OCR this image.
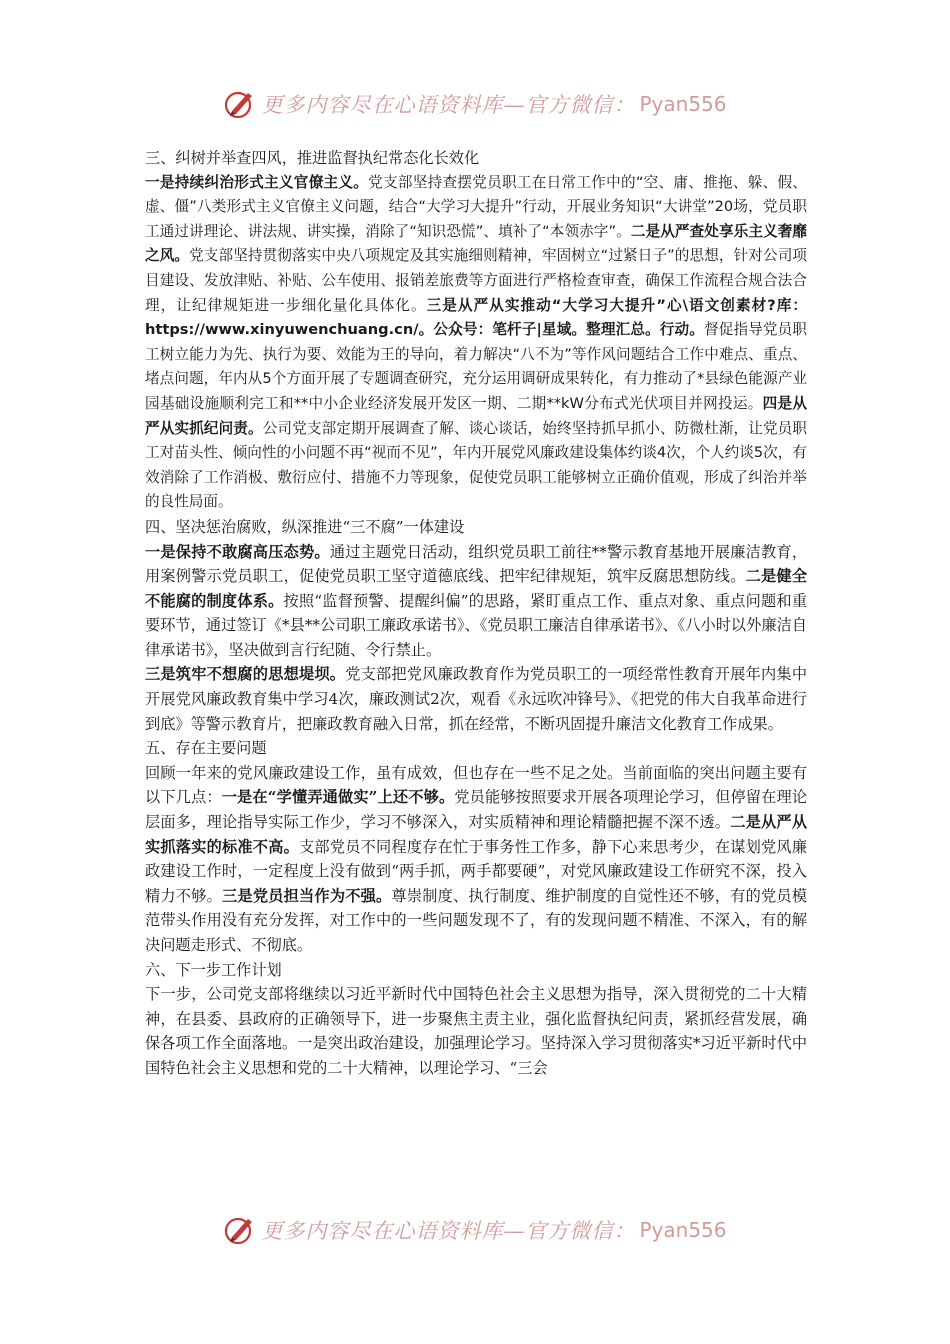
更多内容尽在心语资料库—官方微信： Pyan556

三、纠树并举查四风，推进监督执纪常态化长效化

一是持续纠治形式主义官僚主义。党支部坚持查摆党员职工在日常工作中的“空、庸、推拖、躲、假、虚、僵”八类形式主义官僚主义问题，结合“大学习大提升”行动，开展业务知识“大讲堂”20场，党员职工通过讲理论、讲法规、讲实操，消除了“知识恐慌”、填补了“本领赤字”。二是从严查处享乐主义奢靡之风。党支部坚持贯彻落实中央八项规定及其实施细则精神，牢固树立“过紧日子”的思想，针对公司项目建设、发放津贴、补贴、公车使用、报销差旅费等方面进行严格检查审查，确保工作流程合规合法合理，让纪律规矩进一步细化量化具体化。三是从严从实推动“大学习大提升”心\语文创素材?库：https://www.xinyuwenchuang.cn/。公众号：笔杆子|星域。整理汇总。行动。督促指导党员职工树立能力为先、执行为要、效能为王的导向，着力解决“八不为”等作风问题结合工作中难点、重点、堵点问题，年内从5个方面开展了专题调查研究，充分运用调研成果转化，有力推动了*县绿色能源产业园基础设施顺利完工和**中小企业经济发展开发区一期、二期**kW分布式光伏项目并网投运。四是从严从实抓纪问责。公司党支部定期开展调查了解、谈心谈话，始终坚持抓早抓小、防微杜渐，让党员职工对苗头性、倾向性的小问题不再“视而不见”，年内开展党风廉政建设集体约谈4次，个人约谈5次，有效消除了工作消极、敷衍应付、措施不力等现象，促使党员职工能够树立正确价值观，形成了纠治并举的良性局面。

四、坚决惩治腐败，纵深推进“三不腐”一体建设

一是保持不敢腐高压态势。通过主题党日活动，组织党员职工前往**警示教育基地开展廉洁教育，用案例警示党员职工，促使党员职工坚守道德底线、把牢纪律规矩，筑牢反腐思想防线。二是健全不能腐的制度体系。按照“监督预警、提醒纠偏”的思路，紧盯重点工作、重点对象、重点问题和重要环节，通过签订《*县**公司职工廉政承诺书》、《党员职工廉洁自律承诺书》、《八小时以外廉洁自律承诺书》，坚决做到言行纪随、令行禁止。

三是筑牢不想腐的思想堤坝。党支部把党风廉政教育作为党员职工的一项经常性教育开展年内集中开展党风廉政教育集中学习4次，廉政测试2次，观看《永远吹冲锋号》、《把党的伟大自我革命进行到底》等警示教育片，把廉政教育融入日常，抓在经常，不断巩固提升廉洁文化教育工作成果。

五、存在主要问题

回顾一年来的党风廉政建设工作，虽有成效，但也存在一些不足之处。当前面临的突出问题主要有以下几点：一是在“学懂弄通做实”上还不够。党员能够按照要求开展各项理论学习，但停留在理论层面多，理论指导实际工作少，学习不够深入，对实质精神和理论精髓把握不深不透。二是从严从实抓落实的标准不高。支部党员不同程度存在忙于事务性工作多，静下心来思考少，在谋划党风廉政建设工作时，一定程度上没有做到“两手抓，两手都要硬”，对党风廉政建设工作研究不深，投入精力不够。三是党员担当作为不强。尊崇制度、执行制度、维护制度的自觉性还不够，有的党员模范带头作用没有充分发挥，对工作中的一些问题发现不了，有的发现问题不精准、不深入，有的解决问题走形式、不彻底。

六、下一步工作计划

下一步，公司党支部将继续以习近平新时代中国特色社会主义思想为指导，深入贯彻党的二十大精神，在县委、县政府的正确领导下，进一步聚焦主责主业，强化监督执纪问责，紧抓经营发展，确保各项工作全面落地。一是突出政治建设，加强理论学习。坚持深入学习贯彻落实*习近平新时代中国特色社会主义思想和党的二十大精神，以理论学习、“三会

更多内容尽在心语资料库—官方微信： Pyan556
